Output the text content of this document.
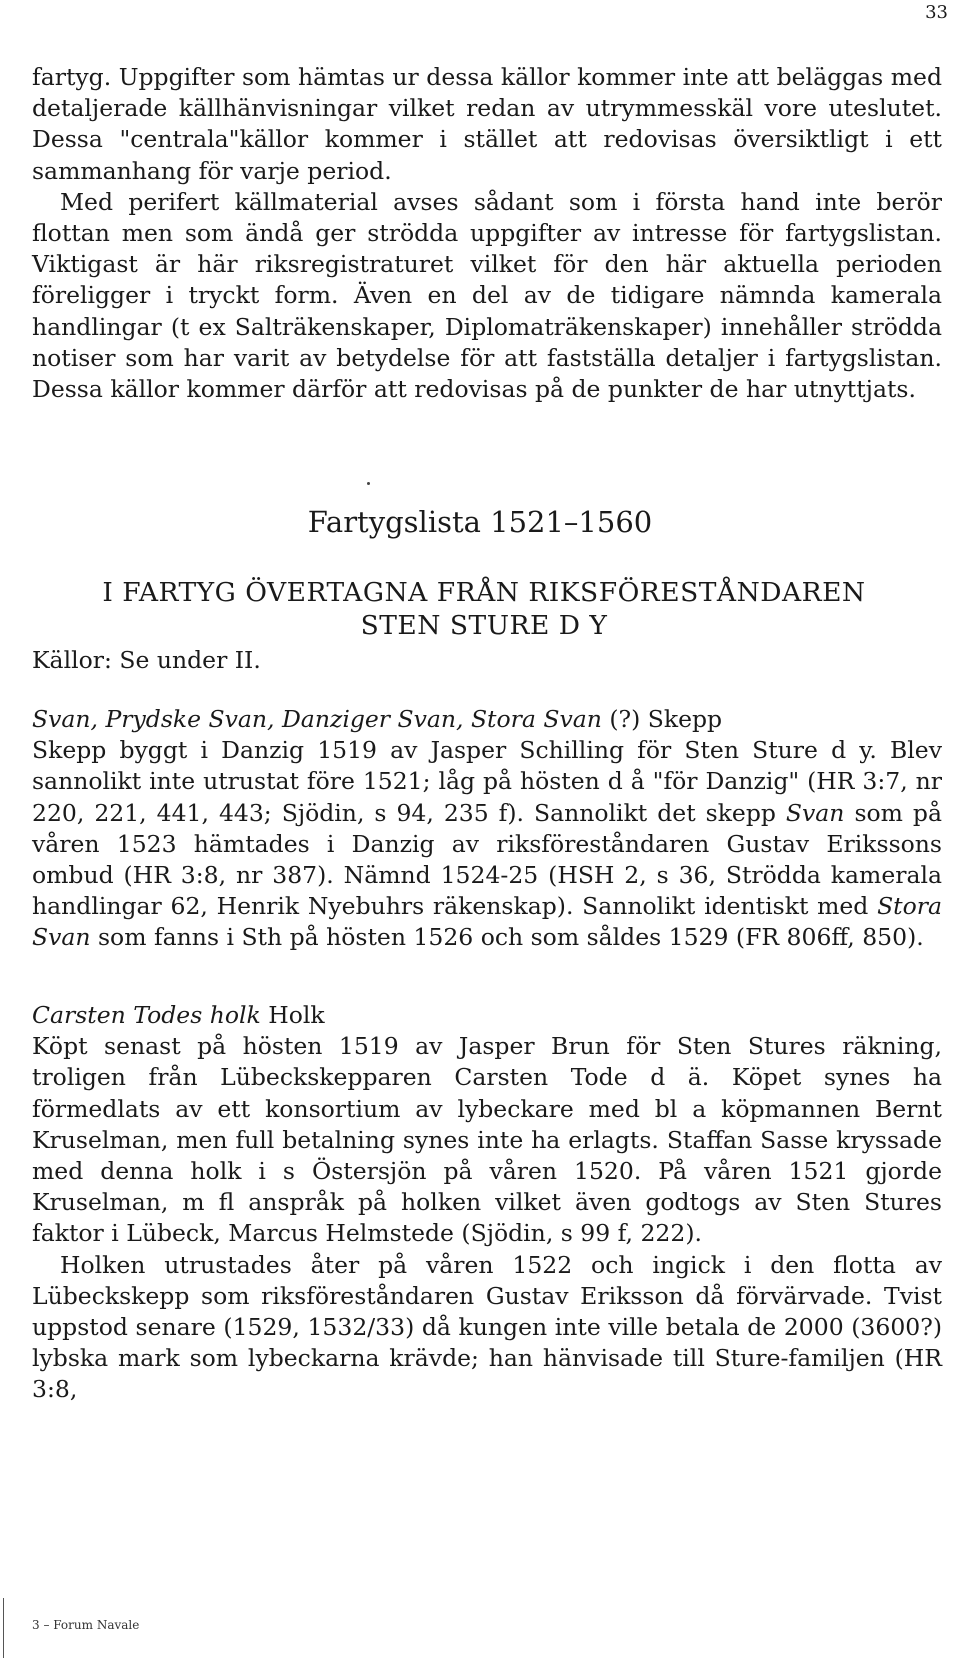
33

fartyg. Uppgifter som hämtas ur dessa källor kommer inte att beläggas med detaljerade källhänvisningar vilket redan av utrymmesskäl vore uteslutet. Dessa "centrala"källor kommer i stället att redovisas översiktligt i ett sammanhang för varje period.

Med perifert källmaterial avses sådant som i första hand inte berör flottan men som ändå ger strödda uppgifter av intresse för fartygslistan. Viktigast är här riksregistraturet vilket för den här aktuella perioden föreligger i tryckt form. Även en del av de tidigare nämnda kamerala handlingar (t ex Salträkenskaper, Diplomaträkenskaper) innehåller strödda notiser som har varit av betydelse för att fastställa detaljer i fartygslistan. Dessa källor kommer därför att redovisas på de punkter de har utnyttjats.

Fartygslista 1521–1560
I FARTYG ÖVERTAGNA FRÅN RIKSFÖRESTÅNDAREN
STEN STURE D Y
Källor: Se under II.

Svan, Prydske Svan, Danziger Svan, Stora Svan (?) Skepp

Skepp byggt i Danzig 1519 av Jasper Schilling för Sten Sture d y. Blev sannolikt inte utrustat före 1521; låg på hösten d å "för Danzig" (HR 3:7, nr 220, 221, 441, 443; Sjödin, s 94, 235 f). Sannolikt det skepp Svan som på våren 1523 hämtades i Danzig av riksföreståndaren Gustav Erikssons ombud (HR 3:8, nr 387). Nämnd 1524-25 (HSH 2, s 36, Strödda kamerala handlingar 62, Henrik Nyebuhrs räkenskap). Sannolikt identiskt med Stora Svan som fanns i Sth på hösten 1526 och som såldes 1529 (FR 806ff, 850).

Carsten Todes holk Holk

Köpt senast på hösten 1519 av Jasper Brun för Sten Stures räkning, troligen från Lübeckskepparen Carsten Tode d ä. Köpet synes ha förmedlats av ett konsortium av lybeckare med bl a köpmannen Bernt Kruselman, men full betalning synes inte ha erlagts. Staffan Sasse kryssade med denna holk i s Östersjön på våren 1520. På våren 1521 gjorde Kruselman, m fl anspråk på holken vilket även godtogs av Sten Stures faktor i Lübeck, Marcus Helmstede (Sjödin, s 99 f, 222).

Holken utrustades åter på våren 1522 och ingick i den flotta av Lübeckskepp som riksföreståndaren Gustav Eriksson då förvärvade. Tvist uppstod senare (1529, 1532/33) då kungen inte ville betala de 2000 (3600?) lybska mark som lybeckarna krävde; han hänvisade till Sture-familjen (HR 3:8,

3 – Forum Navale
